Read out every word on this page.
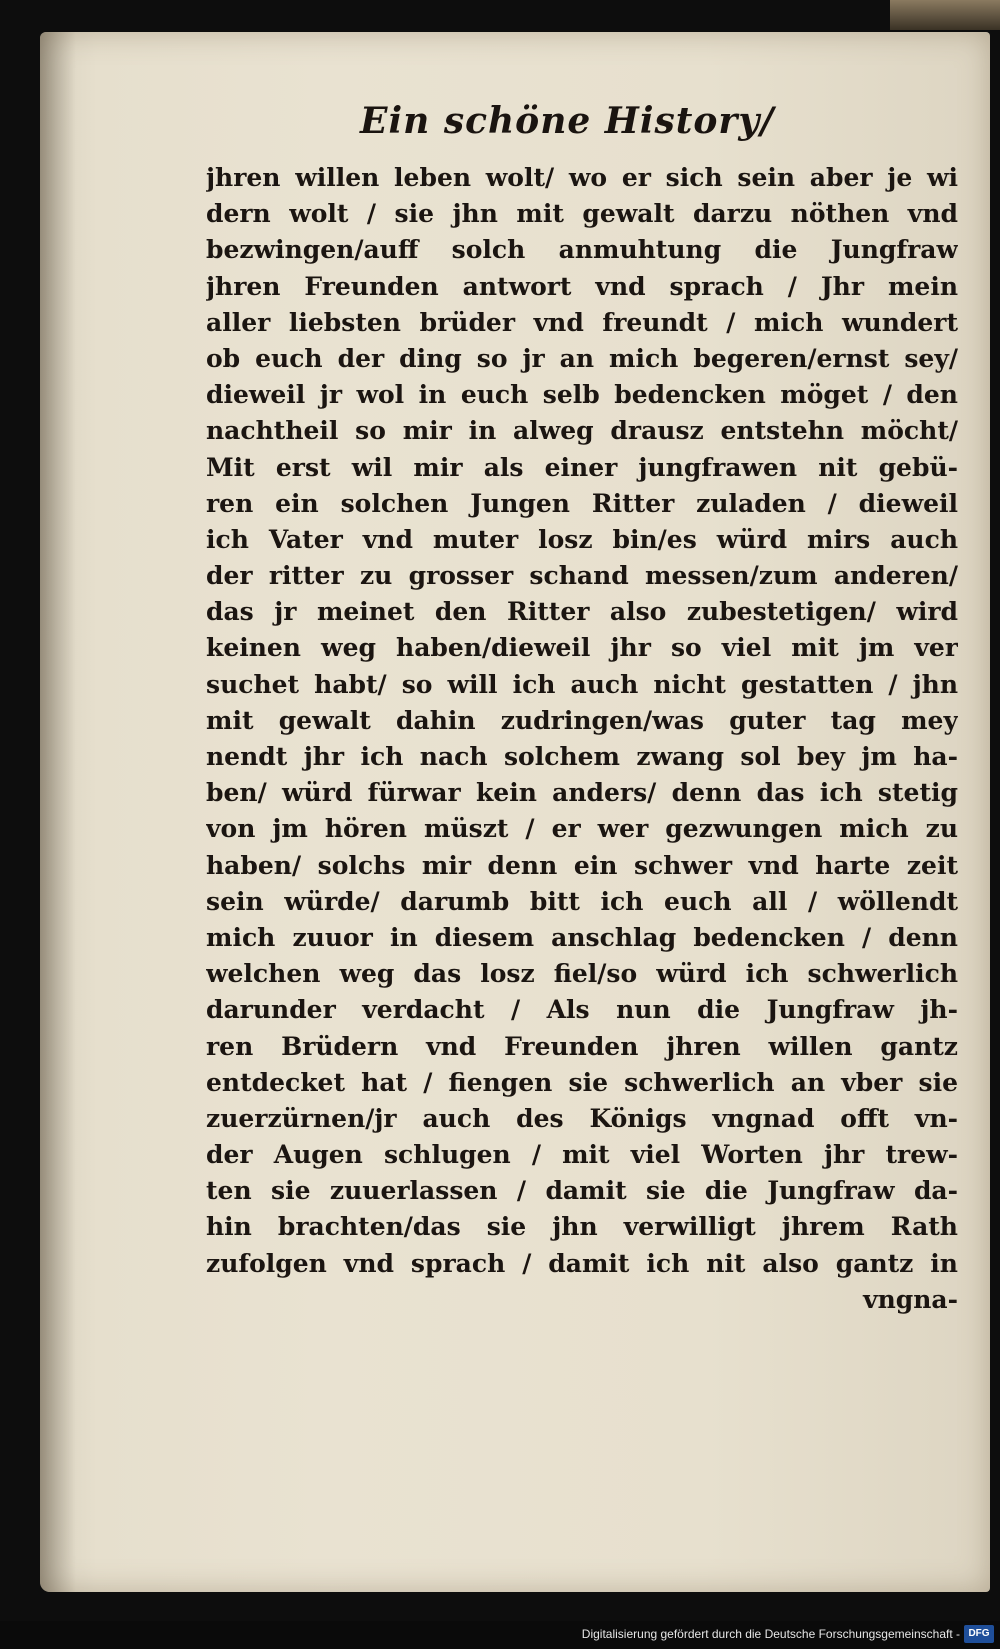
Ein schöne History/
jhren willen leben wolt/ wo er sich sein aber je wi
dern wolt / sie jhn mit gewalt darzu nöthen vnd
bezwingen/auff solch anmuhtung die Jungfraw
jhren Freunden antwort vnd sprach / Jhr mein
aller liebsten brüder vnd freundt / mich wundert
ob euch der ding so jr an mich begeren/ernst sey/
dieweil jr wol in euch selb bedencken möget / den
nachtheil so mir in alweg drausz entstehn möcht/
Mit erst wil mir als einer jungfrawen nit gebü-
ren ein solchen Jungen Ritter zuladen / dieweil
ich Vater vnd muter losz bin/es würd mirs auch
der ritter zu grosser schand messen/zum anderen/
das jr meinet den Ritter also zubestetigen/ wird
keinen weg haben/dieweil jhr so viel mit jm ver
suchet habt/ so will ich auch nicht gestatten / jhn
mit gewalt dahin zudringen/was guter tag mey
nendt jhr ich nach solchem zwang sol bey jm ha-
ben/ würd fürwar kein anders/ denn das ich stetig
von jm hören müszt / er wer gezwungen mich zu
haben/ solchs mir denn ein schwer vnd harte zeit
sein würde/ darumb bitt ich euch all / wöllendt
mich zuuor in diesem anschlag bedencken / denn
welchen weg das losz fiel/so würd ich schwerlich
darunder verdacht / Als nun die Jungfraw jh-
ren Brüdern vnd Freunden jhren willen gantz
entdecket hat / fiengen sie schwerlich an vber sie
zuerzürnen/jr auch des Königs vngnad offt vn-
der Augen schlugen / mit viel Worten jhr trew-
ten sie zuuerlassen / damit sie die Jungfraw da-
hin brachten/das sie jhn verwilligt jhrem Rath
zufolgen vnd sprach / damit ich nit also gantz in
vngna-
Digitalisierung gefördert durch die Deutsche Forschungsgemeinschaft - DFG
